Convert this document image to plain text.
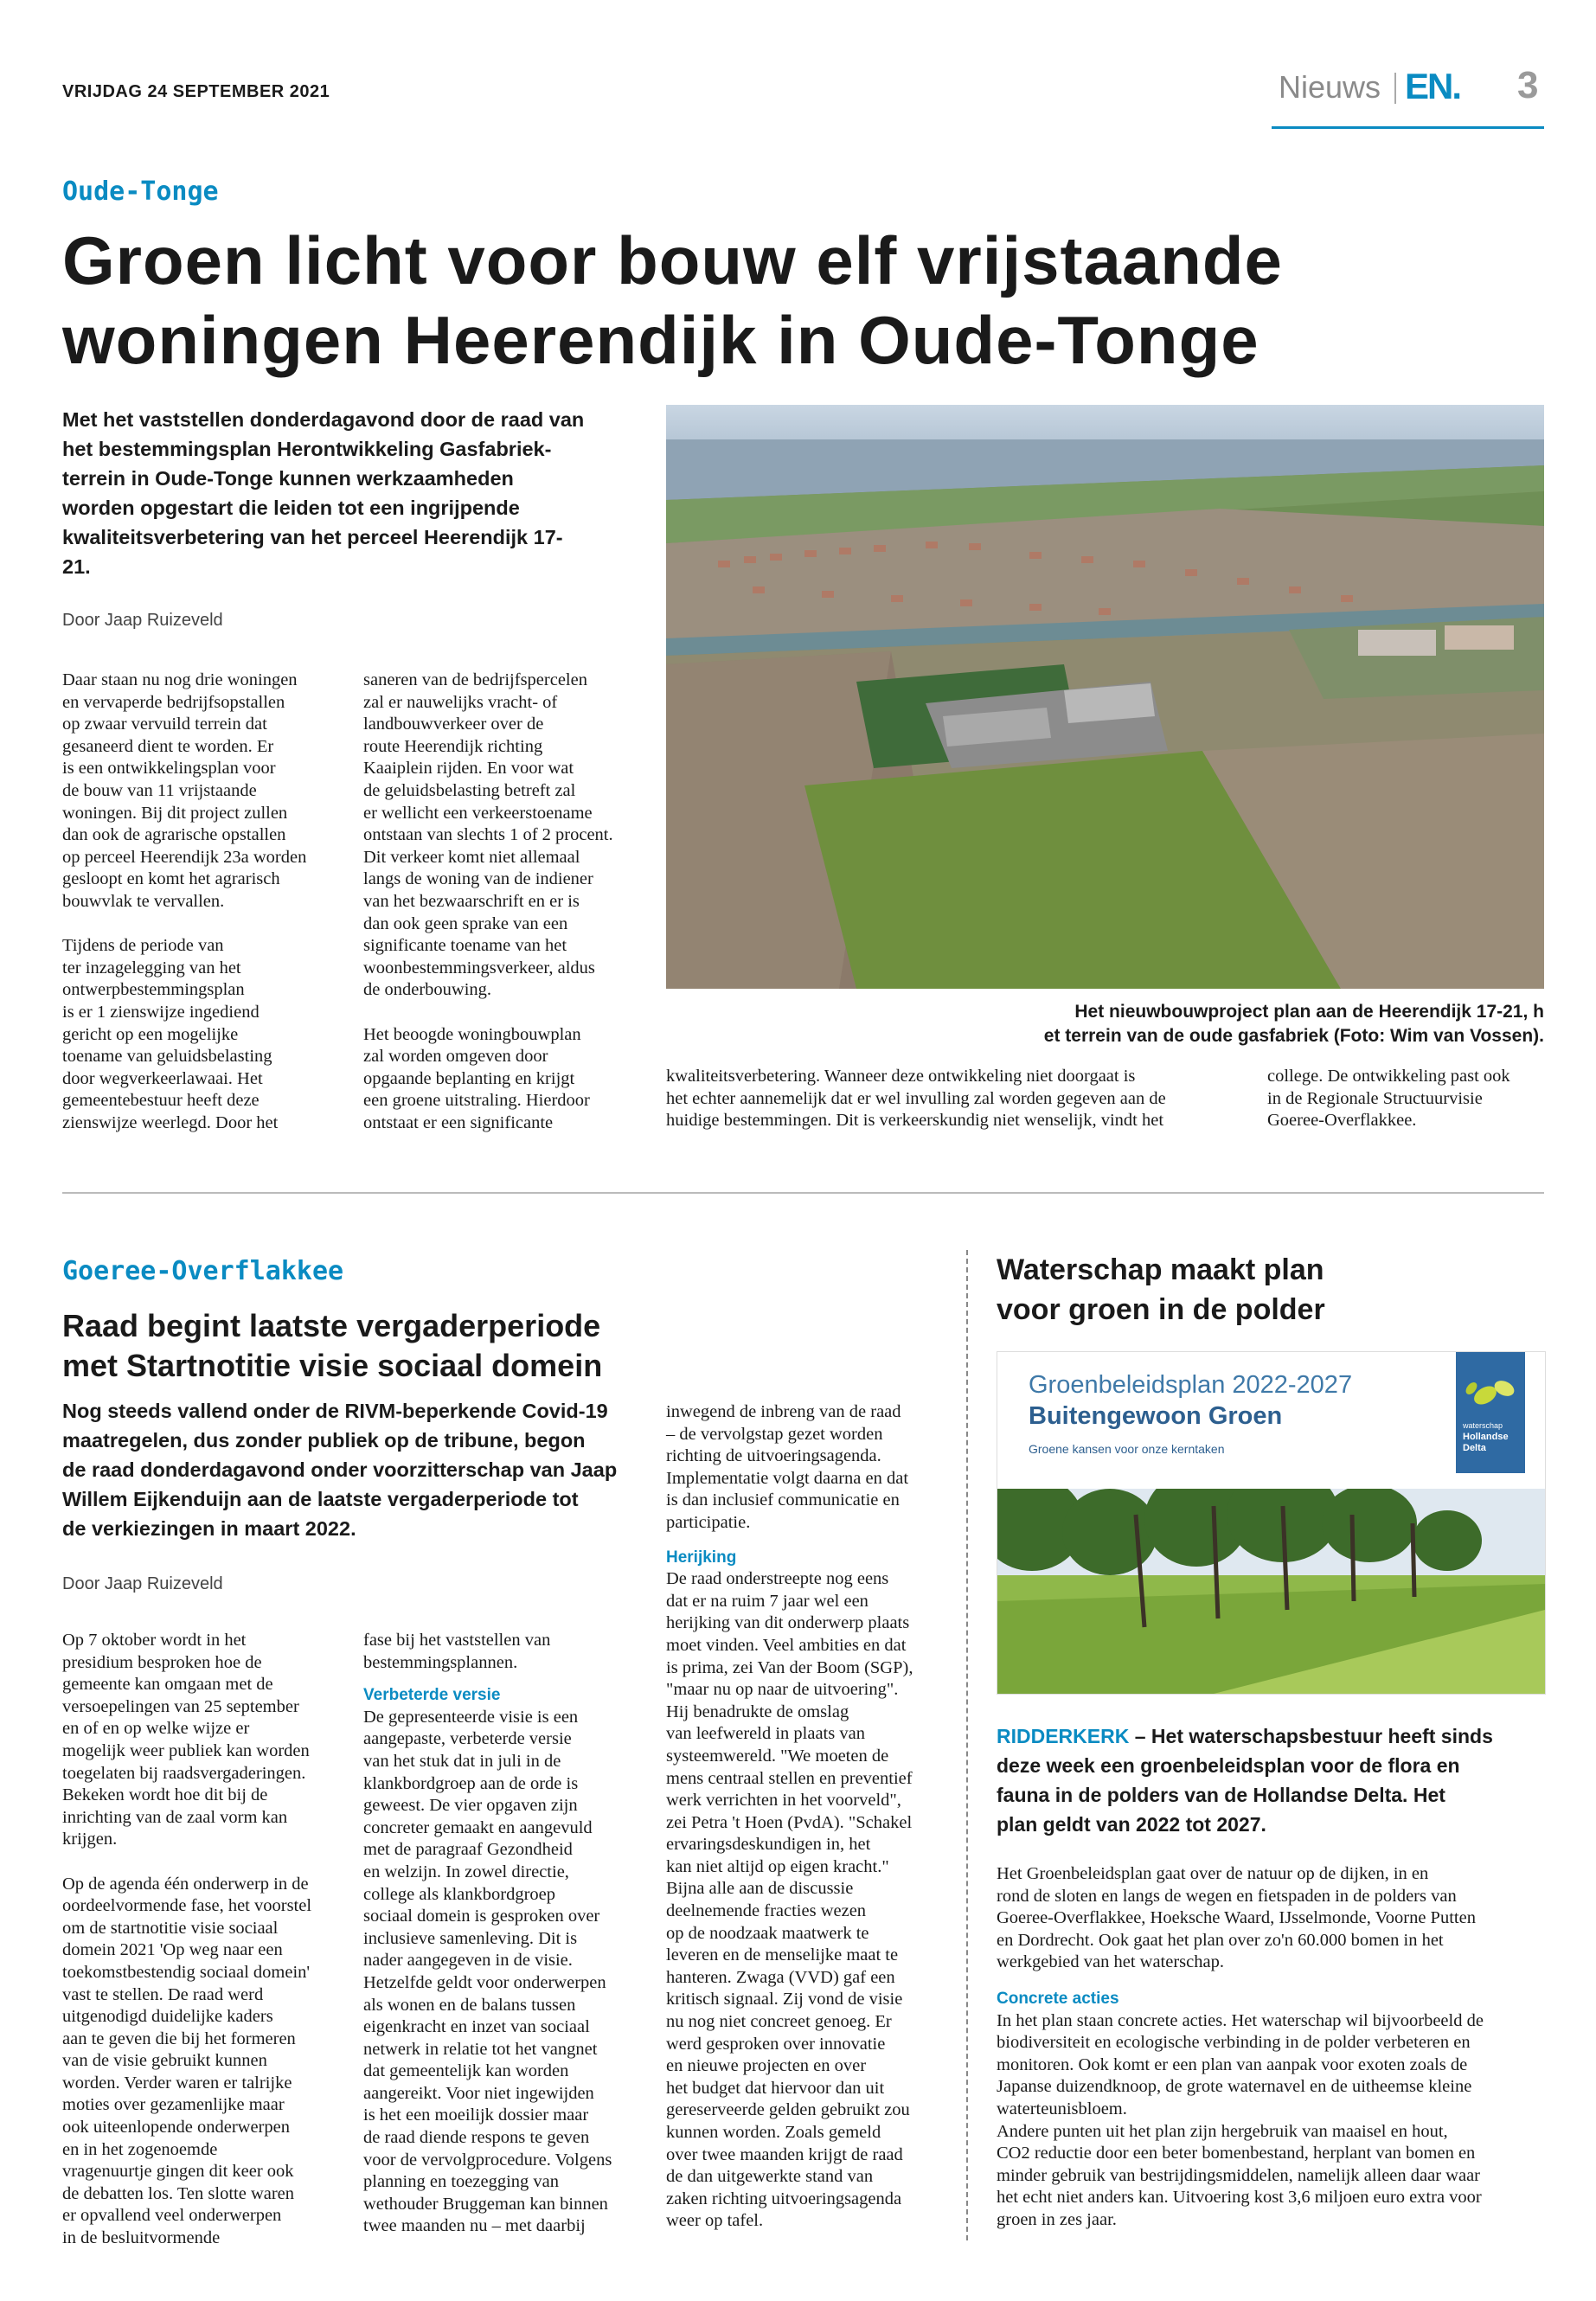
VRIJDAG 24 SEPTEMBER 2021	Nieuws EN. 3
Oude-Tonge
Groen licht voor bouw elf vrijstaande
woningen Heerendijk in Oude-Tonge
Met het vaststellen donderdagavond door de raad van
het bestemmingsplan Herontwikkeling Gasfabriek-
terrein in Oude-Tonge kunnen werkzaamheden
worden opgestart die leiden tot een ingrijpende
kwaliteitsverbetering van het perceel Heerendijk 17-
21.
Door Jaap Ruizeveld
Daar staan nu nog drie woningen
en vervaperde bedrijfsopstallen
op zwaar vervuild terrein dat
gesaneerd dient te worden. Er
is een ontwikkelingsplan voor
de bouw van 11 vrijstaande
woningen. Bij dit project zullen
dan ook de agrarische opstallen
op perceel Heerendijk 23a worden
gesloopt en komt het agrarisch
bouwvlak te vervallen.
Tijdens de periode van
ter inzagelegging van het
ontwerpbestemmingsplan
is er 1 zienswijze ingediend
gericht op een mogelijke
toename van geluidsbelasting
door wegverkeerlawaai. Het
gemeentebestuur heeft deze
zienswijze weerlegd. Door het
saneren van de bedrijfspercelen
zal er nauwelijks vracht- of
landbouwverkeer over de
route Heerendijk richting
Kaaiplein rijden. En voor wat
de geluidsbelasting betreft zal
er wellicht een verkeerstoename
ontstaan van slechts 1 of 2 procent.
Dit verkeer komt niet allemaal
langs de woning van de indiener
van het bezwaarschrift en er is
dan ook geen sprake van een
significante toename van het
woonbestemmingsverkeer, aldus
de onderbouwing.
Het beoogde woningbouwplan
zal worden omgeven door
opgaande beplanting en krijgt
een groene uitstraling. Hierdoor
ontstaat er een significante
Het nieuwbouwproject plan aan de Heerendijk 17-21, h
et terrein van de oude gasfabriek (Foto: Wim van Vossen).
kwaliteitsverbetering. Wanneer deze ontwikkeling niet doorgaat is
het echter aannemelijk dat er wel invulling zal worden gegeven aan de
huidige bestemmingen. Dit is verkeerskundig niet wenselijk, vindt het
college. De ontwikkeling past ook
in de Regionale Structuurvisie
Goeree-Overflakkee.
Goeree-Overflakkee
Raad begint laatste vergaderperiode
met Startnotitie visie sociaal domein
Nog steeds vallend onder de RIVM-beperkende Covid-19
maatregelen, dus zonder publiek op de tribune, begon
de raad donderdagavond onder voorzitterschap van Jaap
Willem Eijkenduijn aan de laatste vergaderperiode tot
de verkiezingen in maart 2022.
Door Jaap Ruizeveld
Op 7 oktober wordt in het
presidium besproken hoe de
gemeente kan omgaan met de
versoepelingen van 25 september
en of en op welke wijze er
mogelijk weer publiek kan worden
toegelaten bij raadsvergaderingen.
Bekeken wordt hoe dit bij de
inrichting van de zaal vorm kan
krijgen.
Op de agenda één onderwerp in de
oordeelvormende fase, het voorstel
om de startnotitie visie sociaal
domein 2021 'Op weg naar een
toekomstbestendig sociaal domein'
vast te stellen. De raad werd
uitgenodigd duidelijke kaders
aan te geven die bij het formeren
van de visie gebruikt kunnen
worden. Verder waren er talrijke
moties over gezamenlijke maar
ook uiteenlopende onderwerpen
en in het zogenoemde
vragenuurtje gingen dit keer ook
de debatten los. Ten slotte waren
er opvallend veel onderwerpen
in de besluitvormende
fase bij het vaststellen van
bestemmingsplannen.
Verbeterde versie
De gepresenteerde visie is een
aangepaste, verbeterde versie
van het stuk dat in juli in de
klankbordgroep aan de orde is
geweest. De vier opgaven zijn
concreter gemaakt en aangevuld
met de paragraaf Gezondheid
en welzijn. In zowel directie,
college als klankbordgroep
sociaal domein is gesproken over
inclusieve samenleving. Dit is
nader aangegeven in de visie.
Hetzelfde geldt voor onderwerpen
als wonen en de balans tussen
eigenkracht en inzet van sociaal
netwerk in relatie tot het vangnet
dat gemeentelijk kan worden
aangereikt. Voor niet ingewijden
is het een moeilijk dossier maar
de raad diende respons te geven
voor de vervolgprocedure. Volgens
planning en toezegging van
wethouder Bruggeman kan binnen
twee maanden nu – met daarbij
inwegend de inbreng van de raad
– de vervolgstap gezet worden
richting de uitvoeringsagenda.
Implementatie volgt daarna en dat
is dan inclusief communicatie en
participatie.
Herijking
De raad onderstreepte nog eens
dat er na ruim 7 jaar wel een
herijking van dit onderwerp plaats
moet vinden. Veel ambities en dat
is prima, zei Van der Boom (SGP),
"maar nu op naar de uitvoering".
Hij benadrukte de omslag
van leefwereld in plaats van
systeemwereld. "We moeten de
mens centraal stellen en preventief
werk verrichten in het voorveld",
zei Petra 't Hoen (PvdA). "Schakel
ervaringsdeskundigen in, het
kan niet altijd op eigen kracht."
Bijna alle aan de discussie
deelnemende fracties wezen
op de noodzaak maatwerk te
leveren en de menselijke maat te
hanteren. Zwaga (VVD) gaf een
kritisch signaal. Zij vond de visie
nu nog niet concreet genoeg. Er
werd gesproken over innovatie
en nieuwe projecten en over
het budget dat hiervoor dan uit
gereserveerde gelden gebruikt zou
kunnen worden. Zoals gemeld
over twee maanden krijgt de raad
de dan uitgewerkte stand van
zaken richting uitvoeringsagenda
weer op tafel.
Waterschap maakt plan
voor groen in de polder
Groenbeleidsplan 2022-2027
Buitengewoon Groen
Groene kansen voor onze kerntaken
waterschap
Hollandse
Delta
RIDDERKERK – Het waterschapsbestuur heeft sinds
deze week een groenbeleidsplan voor de flora en
fauna in de polders van de Hollandse Delta. Het
plan geldt van 2022 tot 2027.
Het Groenbeleidsplan gaat over de natuur op de dijken, in en
rond de sloten en langs de wegen en fietspaden in de polders van
Goeree-Overflakkee, Hoeksche Waard, IJsselmonde, Voorne Putten
en Dordrecht. Ook gaat het plan over zo'n 60.000 bomen in het
werkgebied van het waterschap.
Concrete acties
In het plan staan concrete acties. Het waterschap wil bijvoorbeeld de
biodiversiteit en ecologische verbinding in de polder verbeteren en
monitoren. Ook komt er een plan van aanpak voor exoten zoals de
Japanse duizendknoop, de grote waternavel en de uitheemse kleine
waterteunisbloem.
Andere punten uit het plan zijn hergebruik van maaisel en hout,
CO2 reductie door een beter bomenbestand, herplant van bomen en
minder gebruik van bestrijdingsmiddelen, namelijk alleen daar waar
het echt niet anders kan. Uitvoering kost 3,6 miljoen euro extra voor
groen in zes jaar.
